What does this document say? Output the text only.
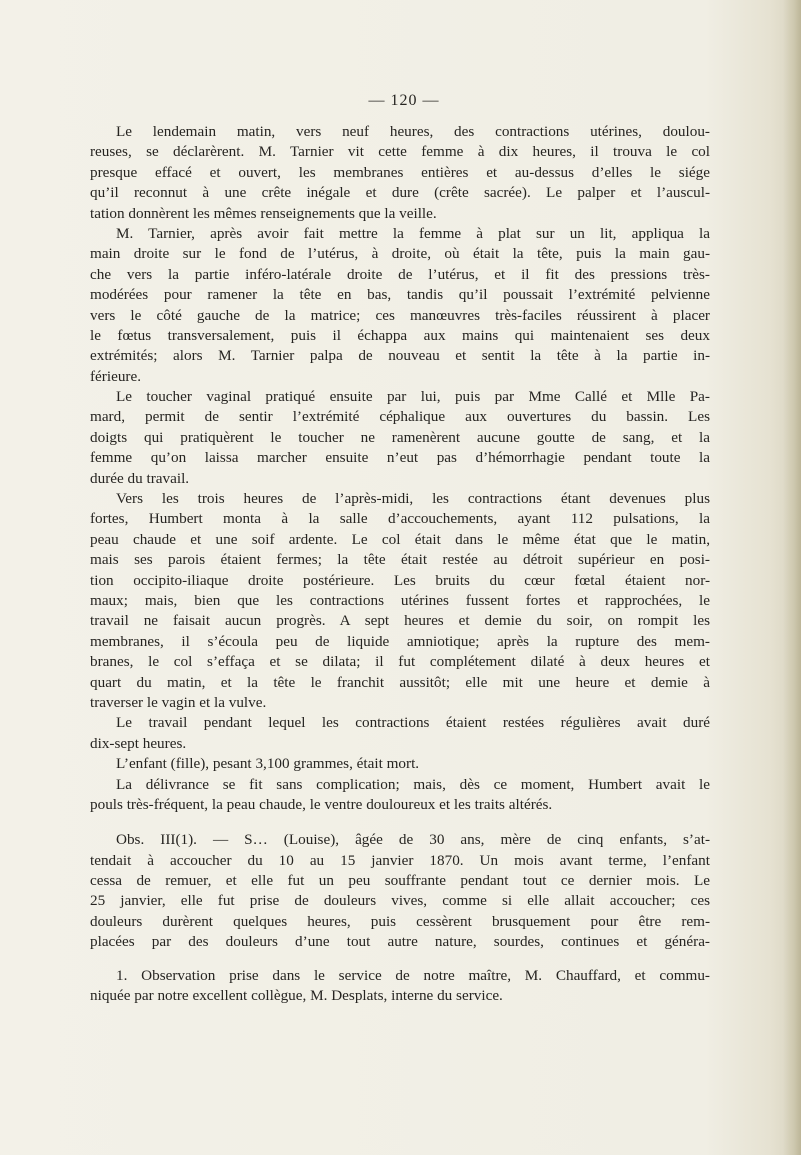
— 120 —
Le lendemain matin, vers neuf heures, des contractions utérines, doulou-
reuses, se déclarèrent. M. Tarnier vit cette femme à dix heures, il trouva le col
presque effacé et ouvert, les membranes entières et au-dessus d’elles le siége
qu’il reconnut à une crête inégale et dure (crête sacrée). Le palper et l’auscul-
tation donnèrent les mêmes renseignements que la veille.
M. Tarnier, après avoir fait mettre la femme à plat sur un lit, appliqua la
main droite sur le fond de l’utérus, à droite, où était la tête, puis la main gau-
che vers la partie inféro-latérale droite de l’utérus, et il fit des pressions très-
modérées pour ramener la tête en bas, tandis qu’il poussait l’extrémité pelvienne
vers le côté gauche de la matrice; ces manœuvres très-faciles réussirent à placer
le fœtus transversalement, puis il échappa aux mains qui maintenaient ses deux
extrémités; alors M. Tarnier palpa de nouveau et sentit la tête à la partie in-
férieure.
Le toucher vaginal pratiqué ensuite par lui, puis par Mme Callé et Mlle Pa-
mard, permit de sentir l’extrémité céphalique aux ouvertures du bassin. Les
doigts qui pratiquèrent le toucher ne ramenèrent aucune goutte de sang, et la
femme qu’on laissa marcher ensuite n’eut pas d’hémorrhagie pendant toute la
durée du travail.
Vers les trois heures de l’après-midi, les contractions étant devenues plus
fortes, Humbert monta à la salle d’accouchements, ayant 112 pulsations, la
peau chaude et une soif ardente. Le col était dans le même état que le matin,
mais ses parois étaient fermes; la tête était restée au détroit supérieur en posi-
tion occipito-iliaque droite postérieure. Les bruits du cœur fœtal étaient nor-
maux; mais, bien que les contractions utérines fussent fortes et rapprochées, le
travail ne faisait aucun progrès. A sept heures et demie du soir, on rompit les
membranes, il s’écoula peu de liquide amniotique; après la rupture des mem-
branes, le col s’effaça et se dilata; il fut complétement dilaté à deux heures et
quart du matin, et la tête le franchit aussitôt; elle mit une heure et demie à
traverser le vagin et la vulve.
Le travail pendant lequel les contractions étaient restées régulières avait duré
dix-sept heures.
L’enfant (fille), pesant 3,100 grammes, était mort.
La délivrance se fit sans complication; mais, dès ce moment, Humbert avait le
pouls très-fréquent, la peau chaude, le ventre douloureux et les traits altérés.
Obs. III(1). — S… (Louise), âgée de 30 ans, mère de cinq enfants, s’at-
tendait à accoucher du 10 au 15 janvier 1870. Un mois avant terme, l’enfant
cessa de remuer, et elle fut un peu souffrante pendant tout ce dernier mois. Le
25 janvier, elle fut prise de douleurs vives, comme si elle allait accoucher; ces
douleurs durèrent quelques heures, puis cessèrent brusquement pour être rem-
placées par des douleurs d’une tout autre nature, sourdes, continues et généra-
1. Observation prise dans le service de notre maître, M. Chauffard, et commu-
niquée par notre excellent collègue, M. Desplats, interne du service.
